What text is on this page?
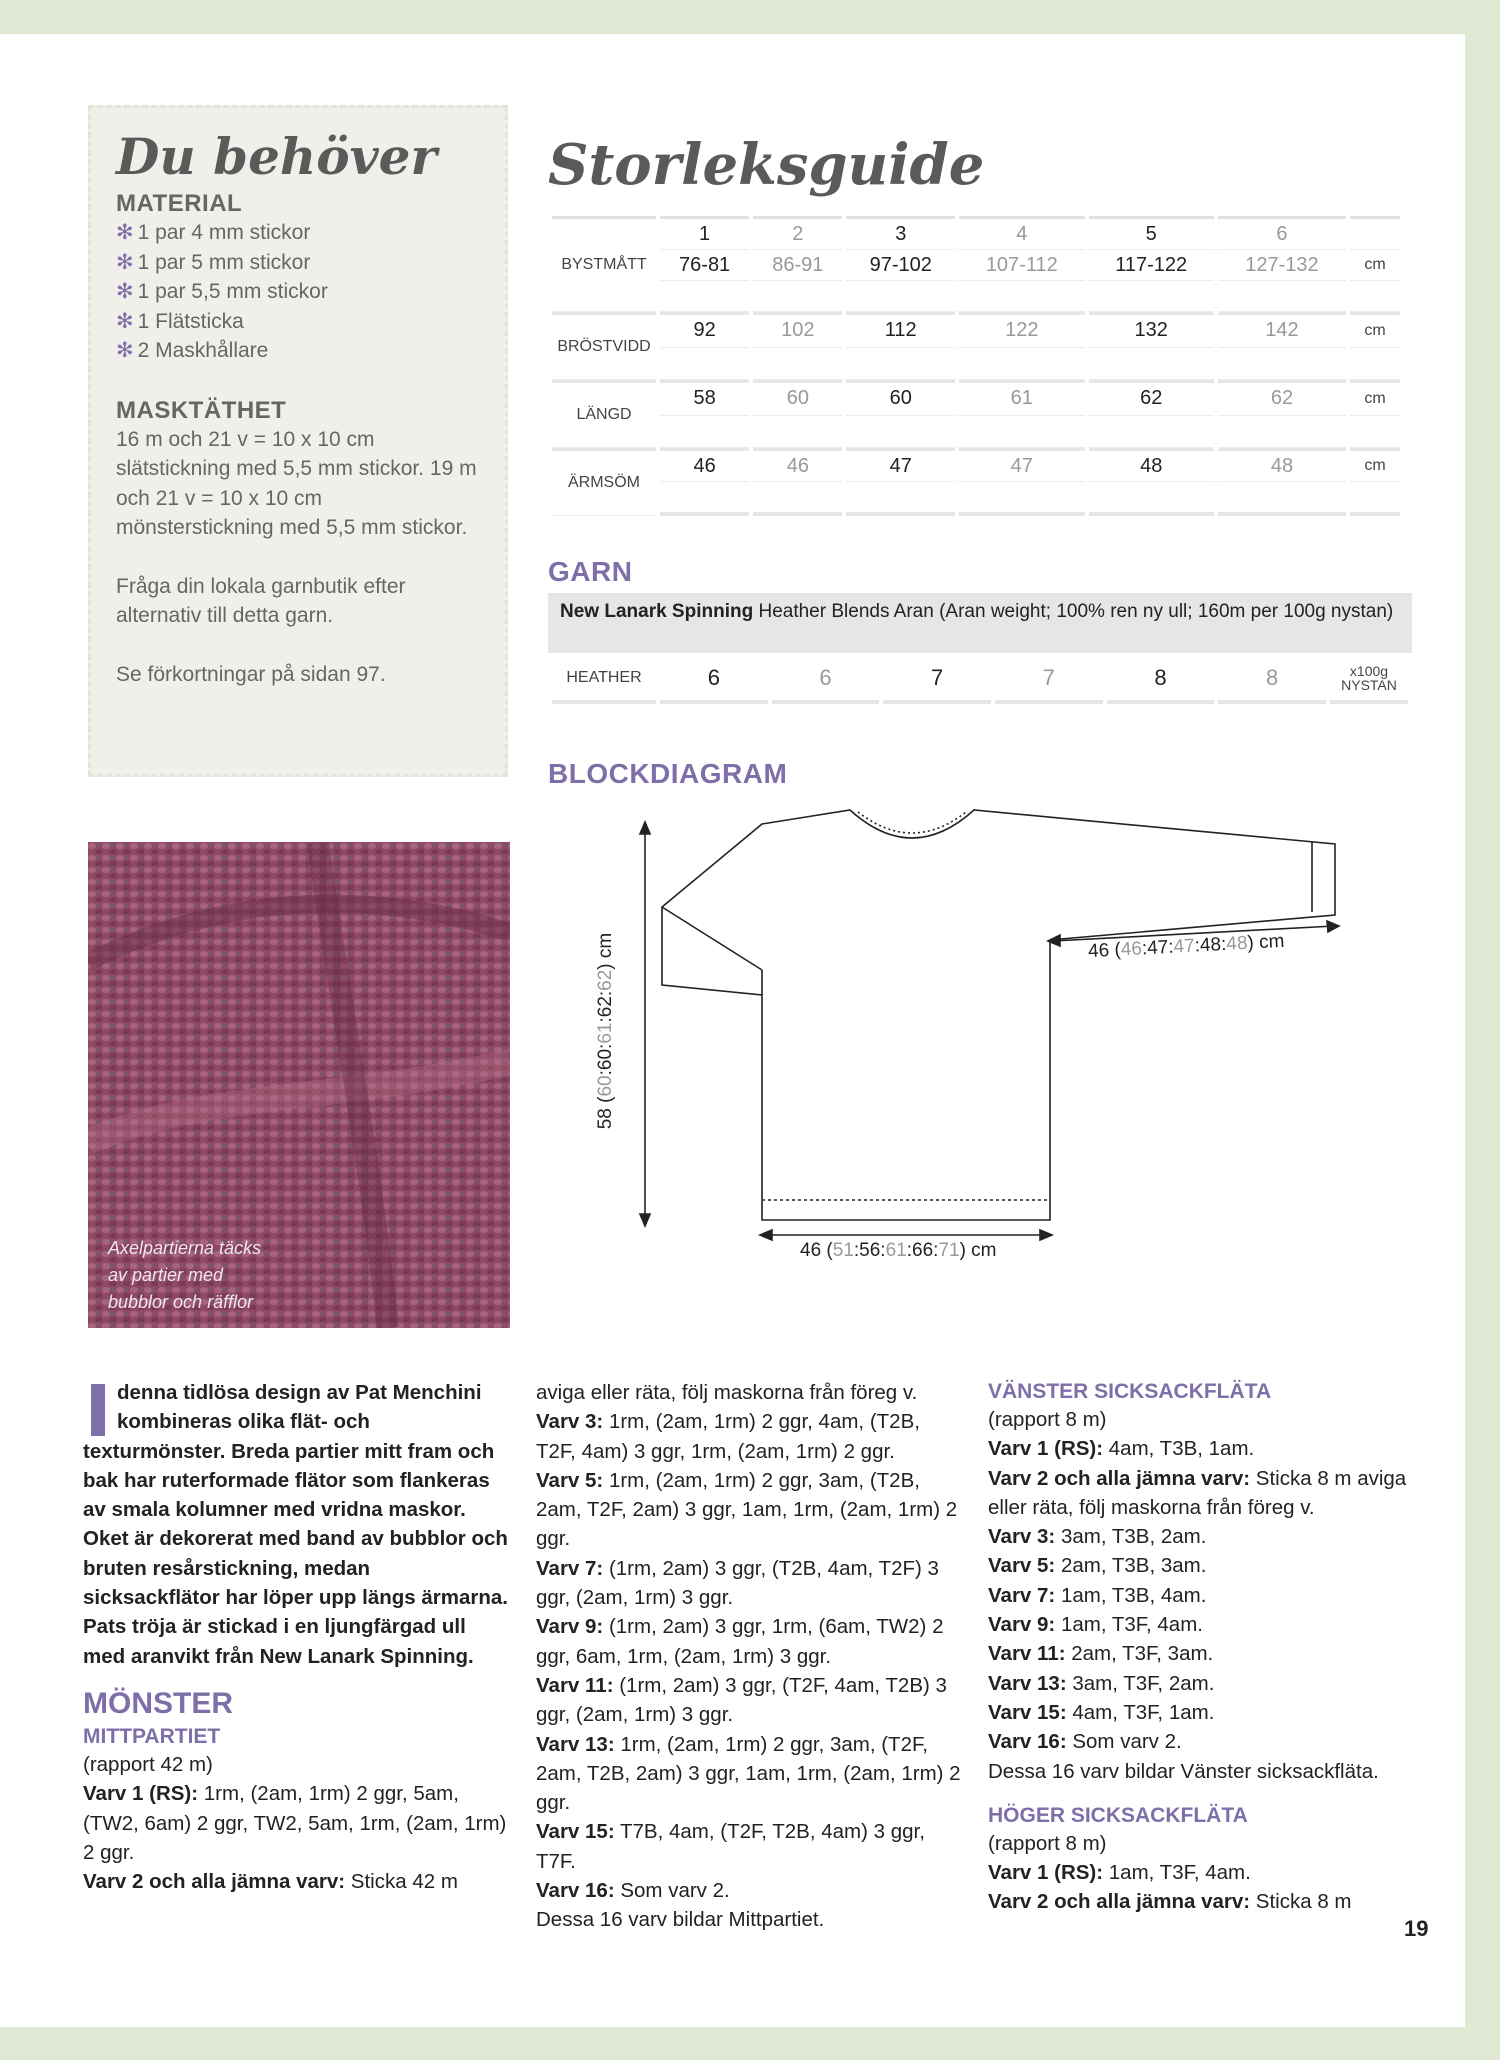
Du behöver
MATERIAL
✻ 1 par 4 mm stickor
✻ 1 par 5 mm stickor
✻ 1 par 5,5 mm stickor
✻ 1 Flätsticka
✻ 2 Maskhållare
MASKTÄTHET

16 m och 21 v = 10 x 10 cm slätstickning med 5,5 mm stickor. 19 m och 21 v = 10 x 10 cm mönsterstickning med 5,5 mm stickor.

Fråga din lokala garnbutik efter alternativ till detta garn.

Se förkortningar på sidan 97.

Axelpartierna täcks av partier med bubblor och räfflor
Storleksguide
BYSTMÅTT	1	2	3	4	5	6	
	76-81	86-91	97-102	107-112	117-122	127-132	cm

BRÖSTVIDD	92	102	112	122	132	142	cm

LÄNGD	58	60	60	61	62	62	cm

ÄRMSÖM	46	46	47	47	48	48	cm

GARN
New Lanark Spinning Heather Blends Aran (Aran weight; 100% ren ny ull; 160m per 100g nystan)
HEATHER	6	6	7	7	8	8	x100g
NYSTAN
BLOCKDIAGRAM
46 (46:47:47:48:48) cm
58 (60:60:61:62:62) cm
46 (51:56:61:66:71) cm

denna tidlösa design av Pat Menchini kombineras olika flät- och texturmönster. Breda partier mitt fram och bak har ruterformade flätor som flankeras av smala kolumner med vridna maskor. Oket är dekorerat med band av bubblor och bruten resårstickning, medan sicksackflätor har löper upp längs ärmarna. Pats tröja är stickad i en ljungfärgad ull med aranvikt från New Lanark Spinning.

MÖNSTER

MITTPARTIET

(rapport 42 m)

Varv 1 (RS): 1rm, (2am, 1rm) 2 ggr, 5am, (TW2, 6am) 2 ggr, TW2, 5am, 1rm, (2am, 1rm) 2 ggr.

Varv 2 och alla jämna varv: Sticka 42 m

aviga eller räta, följ maskorna från föreg v.

Varv 3: 1rm, (2am, 1rm) 2 ggr, 4am, (T2B, T2F, 4am) 3 ggr, 1rm, (2am, 1rm) 2 ggr.

Varv 5: 1rm, (2am, 1rm) 2 ggr, 3am, (T2B, 2am, T2F, 2am) 3 ggr, 1am, 1rm, (2am, 1rm) 2 ggr.

Varv 7: (1rm, 2am) 3 ggr, (T2B, 4am, T2F) 3 ggr, (2am, 1rm) 3 ggr.

Varv 9: (1rm, 2am) 3 ggr, 1rm, (6am, TW2) 2 ggr, 6am, 1rm, (2am, 1rm) 3 ggr.

Varv 11: (1rm, 2am) 3 ggr, (T2F, 4am, T2B) 3 ggr, (2am, 1rm) 3 ggr.

Varv 13: 1rm, (2am, 1rm) 2 ggr, 3am, (T2F, 2am, T2B, 2am) 3 ggr, 1am, 1rm, (2am, 1rm) 2 ggr.

Varv 15: T7B, 4am, (T2F, T2B, 4am) 3 ggr, T7F.

Varv 16: Som varv 2.

Dessa 16 varv bildar Mittpartiet.

VÄNSTER SICKSACKFLÄTA

(rapport 8 m)

Varv 1 (RS): 4am, T3B, 1am.

Varv 2 och alla jämna varv: Sticka 8 m aviga eller räta, följ maskorna från föreg v.

Varv 3: 3am, T3B, 2am.

Varv 5: 2am, T3B, 3am.

Varv 7: 1am, T3B, 4am.

Varv 9: 1am, T3F, 4am.

Varv 11: 2am, T3F, 3am.

Varv 13: 3am, T3F, 2am.

Varv 15: 4am, T3F, 1am.

Varv 16: Som varv 2.

Dessa 16 varv bildar Vänster sicksackfläta.

HÖGER SICKSACKFLÄTA

(rapport 8 m)

Varv 1 (RS): 1am, T3F, 4am.

Varv 2 och alla jämna varv: Sticka 8 m

19
